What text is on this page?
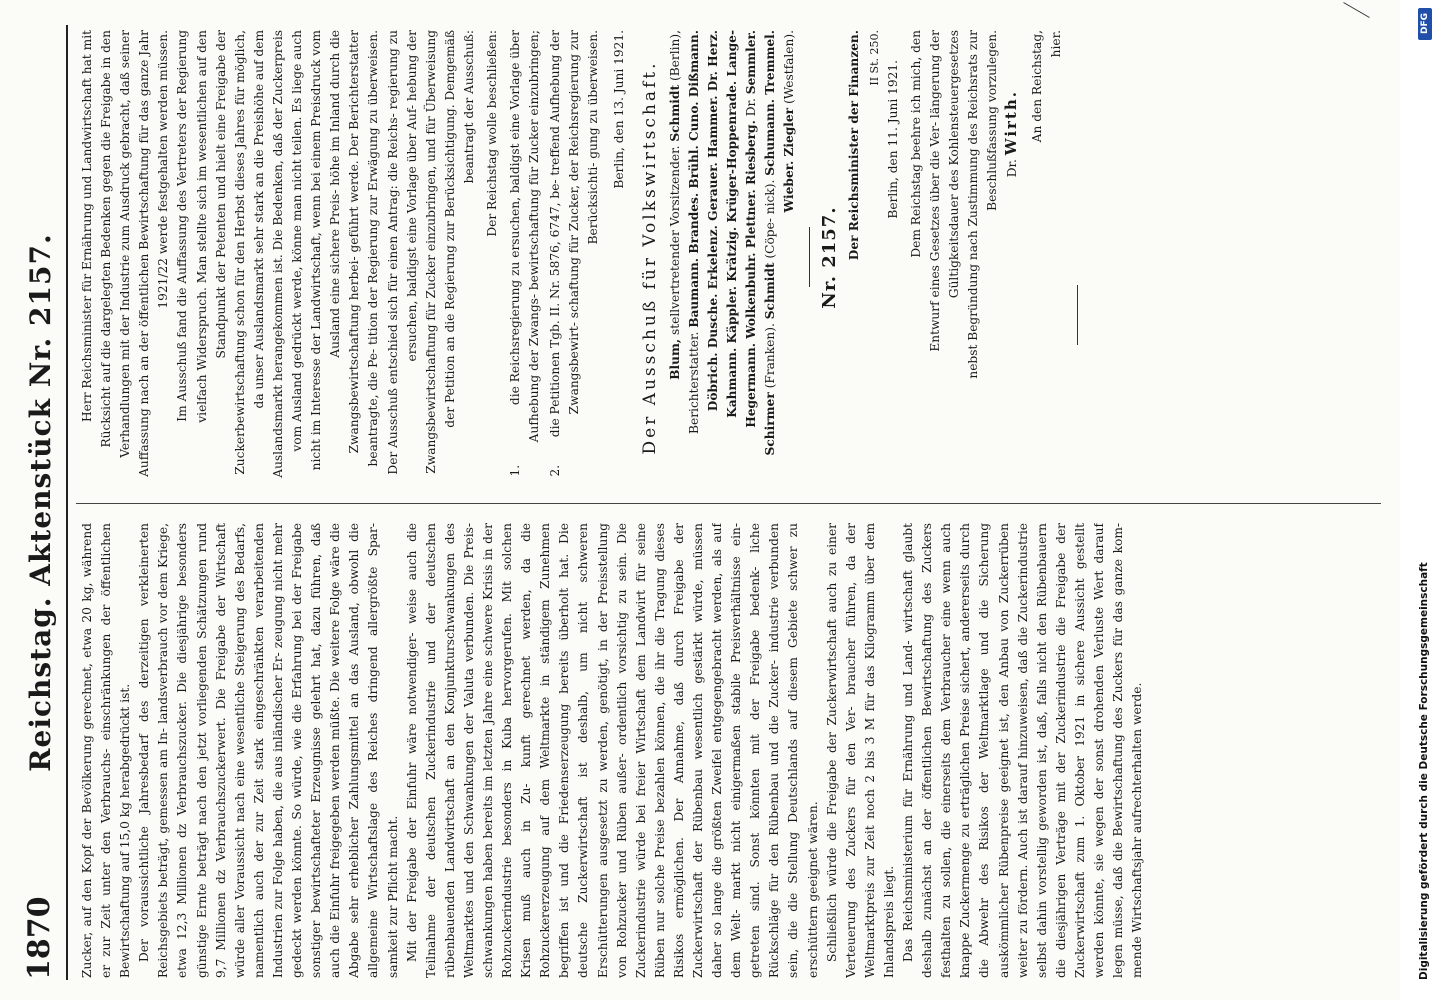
1870
Reichstag. Aktenstück Nr. 2157. Zucker, auf den Kopf der Bevölkerung gerechnet, etwa 20 kg, während er zur Zeit unter den Verbrauchs- einschränkungen der öffentlichen Bewirtschaftung auf 15,0 kg herabgedrückt ist. Der voraussichtliche Jahresbedarf des derzeitigen verkleinerten Reichsgebiets beträgt, gemessen am In- landsverbrauch vor dem Kriege, etwa 12,3 Millionen dz Verbrauchszucker. Die diesjährige besonders günstige Ernte beträgt nach den jetzt vorliegenden Schätzungen rund 9,7 Millionen dz Verbrauchszuckerwert. Die Freigabe der Wirtschaft würde aller Voraussicht nach eine wesentliche Steigerung des Bedarfs, namentlich auch der zur Zeit stark eingeschränkten verarbeitenden Industrien zur Folge haben, die aus inländischer Er- zeugung nicht mehr gedeckt werden könnte. So würde, wie die Erfahrung bei der Freigabe sonstiger bewirtschafteter Erzeugnisse gelehrt hat, dazu führen, daß auch die Einfuhr freigegeben werden müßte. Die weitere Folge wäre die Abgabe sehr erheblicher Zahlungsmittel an das Ausland, obwohl die allgemeine Wirtschaftslage des Reiches dringend allergrößte Spar- samkeit zur Pflicht macht. Mit der Freigabe der Einfuhr wäre notwendiger- weise auch die Teilnahme der deutschen Zuckerindustrie und der deutschen rübenbauenden Landwirtschaft an den Konjunkturschwankungen des Weltmarktes und den Schwankungen der Valuta verbunden. Die Preis- schwankungen haben bereits im letzten Jahre eine schwere Krisis in der Rohzuckerindustrie besonders in Kuba hervorgerufen. Mit solchen Krisen muß auch in Zu- kunft gerechnet werden, da die Rohzuckererzeugung auf dem Weltmarkte in ständigem Zunehmen begriffen ist und die Friedenserzeugung bereits überholt hat. Die deutsche Zuckerwirtschaft ist deshalb, um nicht schweren Erschütterungen ausgesetzt zu werden, genötigt, in der Preisstellung von Rohzucker und Rüben außer- ordentlich vorsichtig zu sein. Die Zuckerindustrie würde bei freier Wirtschaft dem Landwirt für seine Rüben nur solche Preise bezahlen können, die ihr die Tragung dieses Risikos ermöglichen. Der Annahme, daß durch Freigabe der Zuckerwirtschaft der Rübenbau wesentlich gestärkt würde, müssen daher so lange die größten Zweifel entgegengebracht werden, als auf dem Welt- markt nicht einigermaßen stabile Preisverhältnisse ein- getreten sind. Sonst könnten mit der Freigabe bedenk- liche Rückschläge für den Rübenbau und die Zucker- industrie verbunden sein, die die Stellung Deutschlands auf diesem Gebiete schwer zu erschüttern geeignet wären. Schließlich würde die Freigabe der Zuckerwirtschaft auch zu einer Verteuerung des Zuckers für den Ver- braucher führen, da der Weltmarktpreis zur Zeit noch 2 bis 3 M für das Kilogramm über dem Inlandspreis liegt. Das Reichsministerium für Ernährung und Land- wirtschaft glaubt deshalb zunächst an der öffentlichen Bewirtschaftung des Zuckers festhalten zu sollen, die einerseits dem Verbraucher eine wenn auch knappe Zuckermenge zu erträglichen Preise sichert, andererseits durch die Abwehr des Risikos der Weltmarktlage und die Sicherung auskömmlicher Rübenpreise geeignet ist, den Anbau von Zuckerrüben weiter zu fördern. Auch ist darauf hinzuweisen, daß die Zuckerindustrie selbst dahin vorstellig geworden ist, daß, falls nicht den Rübenbauern die diesjährigen Verträge mit der Zuckerindustrie die Freigabe der Zuckerwirtschaft zum 1. Oktober 1921 in sichere Aussicht gestellt werden könnte, sie wegen der sonst drohenden Verluste Wert darauf legen müsse, daß die Bewirtschaftung des Zuckers für das ganze kom- mende Wirtschaftsjahr aufrechterhalten werde.

Herr Reichsminister für Ernährung und Landwirtschaft hat mit Rücksicht auf die dargelegten Bedenken gegen die Freigabe in den Verhandlungen mit der Industrie zum Ausdruck gebracht, daß seiner Auffassung nach an der öffentlichen Bewirtschaftung für das ganze Jahr 1921/22 werde festgehalten werden müssen. Im Ausschuß fand die Auffassung des Vertreters der Regierung vielfach Widerspruch. Man stellte sich im wesentlichen auf den Standpunkt der Petenten und hielt eine Freigabe der Zuckerbewirtschaftung schon für den Herbst dieses Jahres für möglich, da unser Auslandsmarkt sehr stark an die Preishöhe auf dem Auslandsmarkt herangekommen ist. Die Bedenken, daß der Zuckerpreis vom Ausland gedrückt werde, könne man nicht teilen. Es liege auch nicht im Interesse der Landwirtschaft, wenn bei einem Preisdruck vom Ausland eine sichere Preis- höhe im Inland durch die Zwangsbewirtschaftung herbei- geführt werde. Der Berichterstatter beantragte, die Pe- tition der Regierung zur Erwägung zu überweisen. Der Ausschuß entschied sich für einen Antrag: die Reichs- regierung zu ersuchen, baldigst eine Vorlage über Auf- hebung der Zwangsbewirtschaftung für Zucker einzubringen, und für Überweisung der Petition an die Regierung zur Berücksichtigung. Demgemäß beantragt der Ausschuß: Der Reichstag wolle beschließen: 1. die Reichsregierung zu ersuchen, baldigst eine Vorlage über Aufhebung der Zwangs- bewirtschaftung für Zucker einzubringen; 2. die Petitionen Tgb. II. Nr. 5876, 6747, be- treffend Aufhebung der Zwangsbewirt- schaftung für Zucker, der Reichsregierung zur Berücksichti- gung zu überweisen. Berlin, den 13. Juni 1921. Der Ausschuß für Volkswirtschaft. Blum, stellvertretender Vorsitzender. Schmidt (Berlin), Berichterstatter. Baumann. Brandes. Brühl. Cuno. Dißmann. Döbrich. Dusche. Erkelenz. Gerauer. Hammer. Dr. Herz. Kahmann. Käppler. Krätzig. Krüger-Hoppenrade. Lange- Hegermann. Wolkenbuhr. Plettner. Riesberg. Dr. Semmler. Schirmer (Franken). Schmidt (Cöpe- nick). Schumann. Tremmel. Wieber. Ziegler (Westfalen).

Nr. 2157. Der Reichsminister der Finanzen. II St. 250.

Berlin, den 11. Juni 1921. Dem Reichstag beehre ich mich, den Entwurf eines Gesetzes über die Ver- längerung der Gültigkeitsdauer des Kohlensteuergesetzes nebst Begründung nach Zustimmung des Reichsrats zur Beschlußfassung vorzulegen. Dr. Wirth. An den Reichstag, hier.

DFG
Digitalisierung gefördert durch die Deutsche Forschungsgemeinschaft
